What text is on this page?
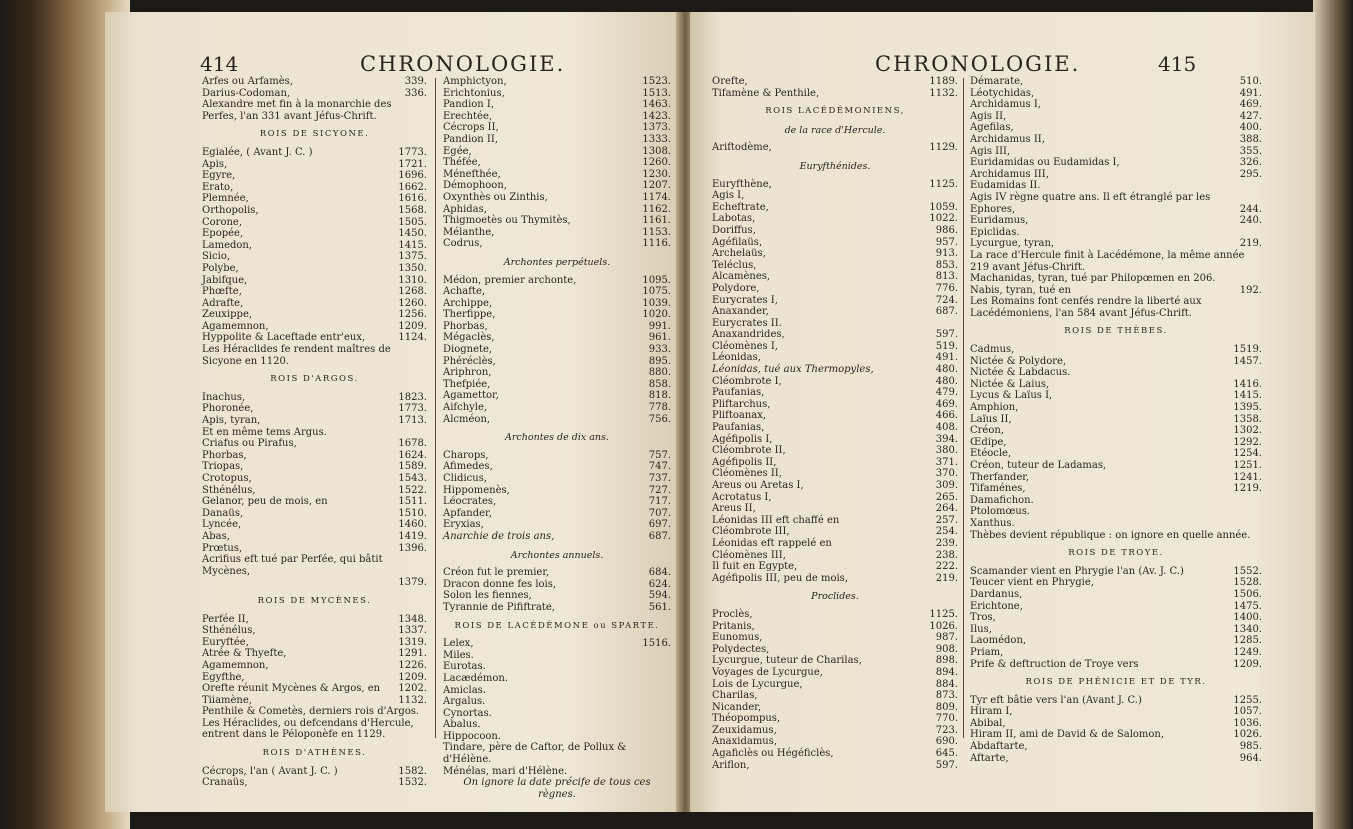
414	CHRONOLOGIE.
Arfes ou Arfamès,	339.
Darius-Codoman,	336.
Alexandre met fin à la monarchie des Perfes, l'an 331 avant Jéfus-Chrift.
ROIS DE SICYONE.
Egialée, ( Avant J. C. )	1773.
Apis,	1721.
Egyre,	1696.
Erato,	1662.
Plemnée,	1616.
Orthopolis,	1568.
Corone,	1505.
Epopée,	1450.
Lamedon,	1415.
Sicio,	1375.
Polybe,	1350.
Jabifque,	1310.
Phœfte,	1268.
Adrafte,	1260.
Zeuxippe,	1256.
Agamemnon,	1209.
Hyppolite & Laceftade entr'eux,	1124.
Les Héraclides fe rendent maîtres de Sicyone en 1120.
ROIS D'ARGOS.
Inachus,	1823.
Phoronée,	1773.
Apis, tyran,	1713.
Et en même tems Argus.
Criafus ou Pirafus,	1678.
Phorbas,	1624.
Triopas,	1589.
Crotopus,	1543.
Sthénélus,	1522.
Gelanor, peu de mois, en	1511.
Danaüs,	1510.
Lyncée,	1460.
Abas,	1419.
Prœtus,	1396.
Acrifius eft tué par Perfée, qui bâtit Mycènes,
1379.
ROIS DE MYCÈNES.
Perfée II,	1348.
Sthénélus,	1337.
Euryftée,	1319.
Atrée & Thyefte,	1291.
Agamemnon,	1226.
Egyfthe,	1209.
Orefte réunit Mycènes & Argos, en 1202.
Tiiamène,	1132.
Penthile & Cometès, derniers rois d'Argos. Les Héraclides, ou defcendans d'Hercule, entrent dans le Péloponèfe en 1129.
ROIS D'ATHÈNES.
Cécrops, l'an ( Avant J. C. )	1582.
Cranaüs,	1532.
Amphictyon,	1523.
Erichtonius,	1513.
Pandion I,	1463.
Erechtée,	1423.
Cécrops II,	1373.
Pandion II,	1333.
Egée,	1308.
Théfée,	1260.
Ménefthée,	1230.
Démophoon,	1207.
Oxynthès ou Zinthis,	1174.
Aphidas,	1162.
Thigmoetès ou Thymitès,	1161.
Mélanthe,	1153.
Codrus,	1116.
Archontes perpétuels.
Médon, premier archonte,	1095.
Achafte,	1075.
Archippe,	1039.
Therfippe,	1020.
Phorbas,	991.
Mégaclès,	961.
Diognete,	933.
Phéréclès,	895.
Ariphron,	880.
Thefpiée,	858.
Agamettor,	818.
Aifchyle,	778.
Alcméon,	756.
Archontes de dix ans.
Charops,	757.
Afimedes,	747.
Clidicus,	737.
Hippomenès,	727.
Léocrates,	717.
Apfander,	707.
Eryxias,	697.
Anarchie de trois ans,	687.
Archontes annuels.
Créon fut le premier,	684.
Dracon donne fes lois,	624.
Solon les fiennes,	594.
Tyrannie de Pififtrate,	561.
ROIS DE LACÉDÉMONE ou SPARTE.
Lelex,	1516.
Miles.
Eurotas.
Lacædémon.
Amiclas.
Argalus.
Cynortas.
Abalus.
Hippocoon.
Tindare, père de Caftor, de Pollux & d'Hélène.
Ménélas, mari d'Hélène.
On ignore la date précife de tous ces règnes.
CHRONOLOGIE.	415
Orefte,	1189.
Tifamène & Penthile,	1132.
ROIS LACÉDÉMONIENS,
de la race d'Hercule.
Ariftodème,	1129.
Euryfthénides.
Euryfthène,	1125.
Agis I,
Echeftrate,	1059.
Labotas,	1022.
Doriffus,	986.
Agéfilaüs,	957.
Archelaüs,	913.
Teléclus,	853.
Alcamènes,	813.
Polydore,	776.
Eurycrates I,	724.
Anaxander,	687.
Eurycrates II.
Anaxandrides,	597.
Cléomènes I,	519.
Léonidas,	491.
Léonidas, tué aux Thermopyles,	480.
Cléombrote I,	480.
Paufanias,	479.
Pliftarchus,	469.
Pliftoanax,	466.
Paufanias,	408.
Agéfipolis I,	394.
Cléombrote II,	380.
Agéfipolis II,	371.
Cléomènes II,	370.
Areus ou Aretas I,	309.
Acrotatus I,	265.
Areus II,	264.
Léonidas III eft chaffé en	257.
Cléombrote III,	254.
Léonidas eft rappelé en	239.
Cléomènes III,	238.
Il fuit en Egypte,	222.
Agéfipolis III, peu de mois,	219.
Proclides.
Proclès,	1125.
Pritanis,	1026.
Eunomus,	987.
Polydectes,	908.
Lycurgue, tuteur de Charilas,	898.
Voyages de Lycurgue,	894.
Lois de Lycurgue,	884.
Charilas,	873.
Nicander,	809.
Théopompus,	770.
Zeuxidamus,	723.
Anaxidamus,	690.
Agaficlès ou Hégéficlès,	645.
Ariflon,	597.
Démarate,	510.
Léotychidas,	491.
Archidamus I,	469.
Agis II,	427.
Agefilas,	400.
Archidamus II,	388.
Agis III,	355.
Euridamidas ou Eudamidas I,	326.
Archidamus III,	295.
Eudamidas II.
Agis IV règne quatre ans. Il eft étranglé par les
Ephores,	244.
Euridamus,	240.
Epiclidas.
Lycurgue, tyran,	219.
La race d'Hercule finit à Lacédémone, la même année 219 avant Jéfus-Chrift.
Machanidas, tyran, tué par Philopœmen en 206.
Nabis, tyran, tué en	192.
Les Romains font cenfés rendre la liberté aux Lacédémoniens, l'an 584 avant Jéfus-Chrift.
ROIS DE THÈBES.
Cadmus,	1519.
Nictée & Polydore,	1457.
Nictée & Labdacus.
Nictée & Laius,	1416.
Lycus & Laïus I,	1415.
Amphion,	1395.
Laïus II,	1358.
Créon,	1302.
Œdipe,	1292.
Etéocle,	1254.
Créon, tuteur de Ladamas,	1251.
Therfander,	1241.
Tifaménes,	1219.
Damafichon.
Ptolomœus.
Xanthus.
Thèbes devient république : on ignore en quelle année.
ROIS DE TROYE.
Scamander vient en Phrygie l'an (Av. J. C.)	1552.
Teucer vient en Phrygie,	1528.
Dardanus,	1506.
Erichtone,	1475.
Tros,	1400.
Ilus,	1340.
Laomédon,	1285.
Priam,	1249.
Prife & deftruction de Troye vers	1209.
ROIS DE PHÉNICIE ET DE TYR.
Tyr eft bâtie vers l'an (Avant J. C.)	1255.
Hiram I,	1057.
Abibal,	1036.
Hiram II, ami de David & de Salomon,	1026.
Abdaftarte,	985.
Aftarte,	964.
